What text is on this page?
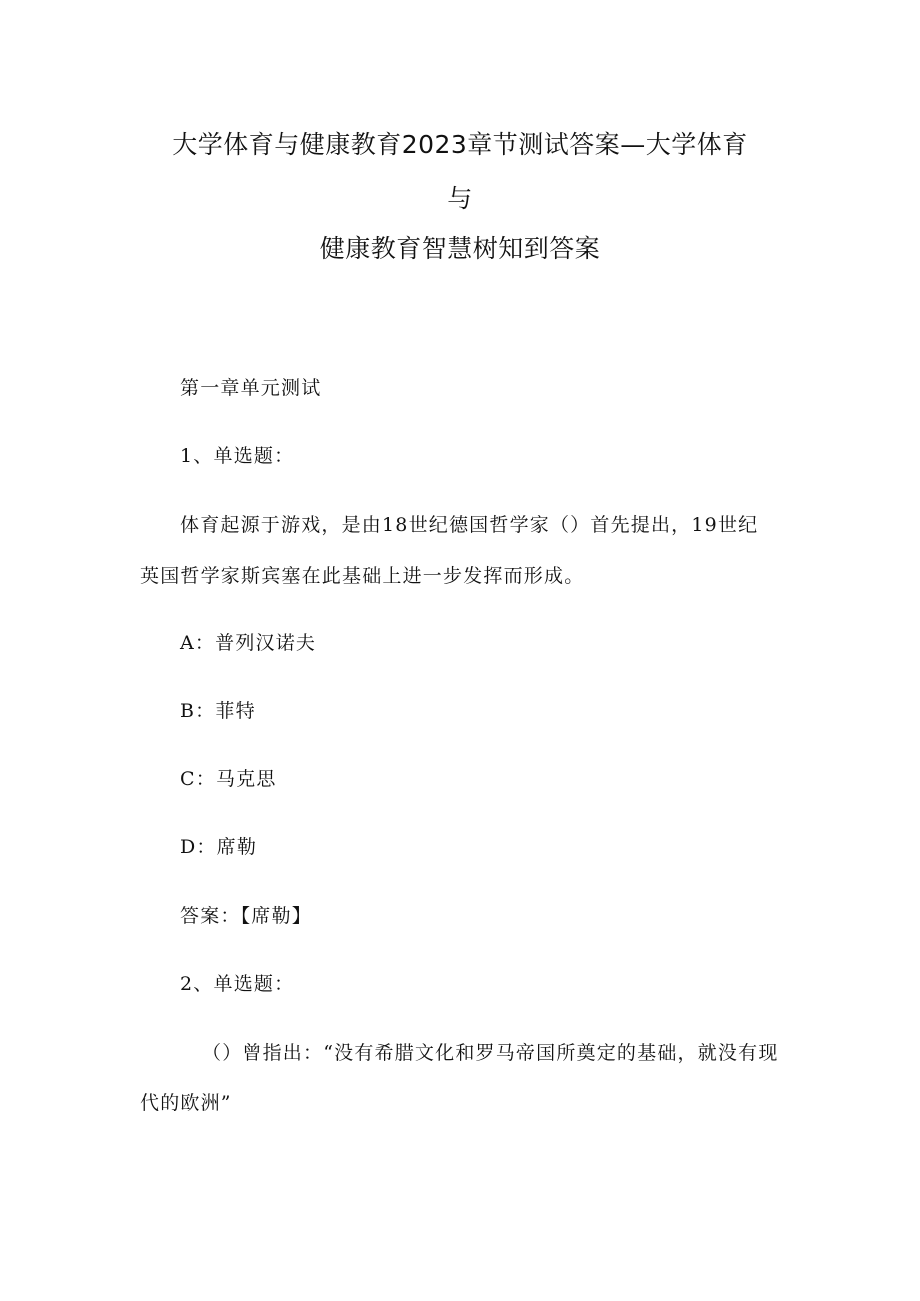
大学体育与健康教育2023章节测试答案—大学体育
与
健康教育智慧树知到答案
第一章单元测试
1、单选题：
体育起源于游戏，是由18世纪德国哲学家（）首先提出，19世纪
英国哲学家斯宾塞在此基础上进一步发挥而形成。
A：普列汉诺夫
B：菲特
C：马克思
D：席勒
答案：【席勒】
2、单选题：
（）曾指出：“没有希腊文化和罗马帝国所奠定的基础，就没有现
代的欧洲”
